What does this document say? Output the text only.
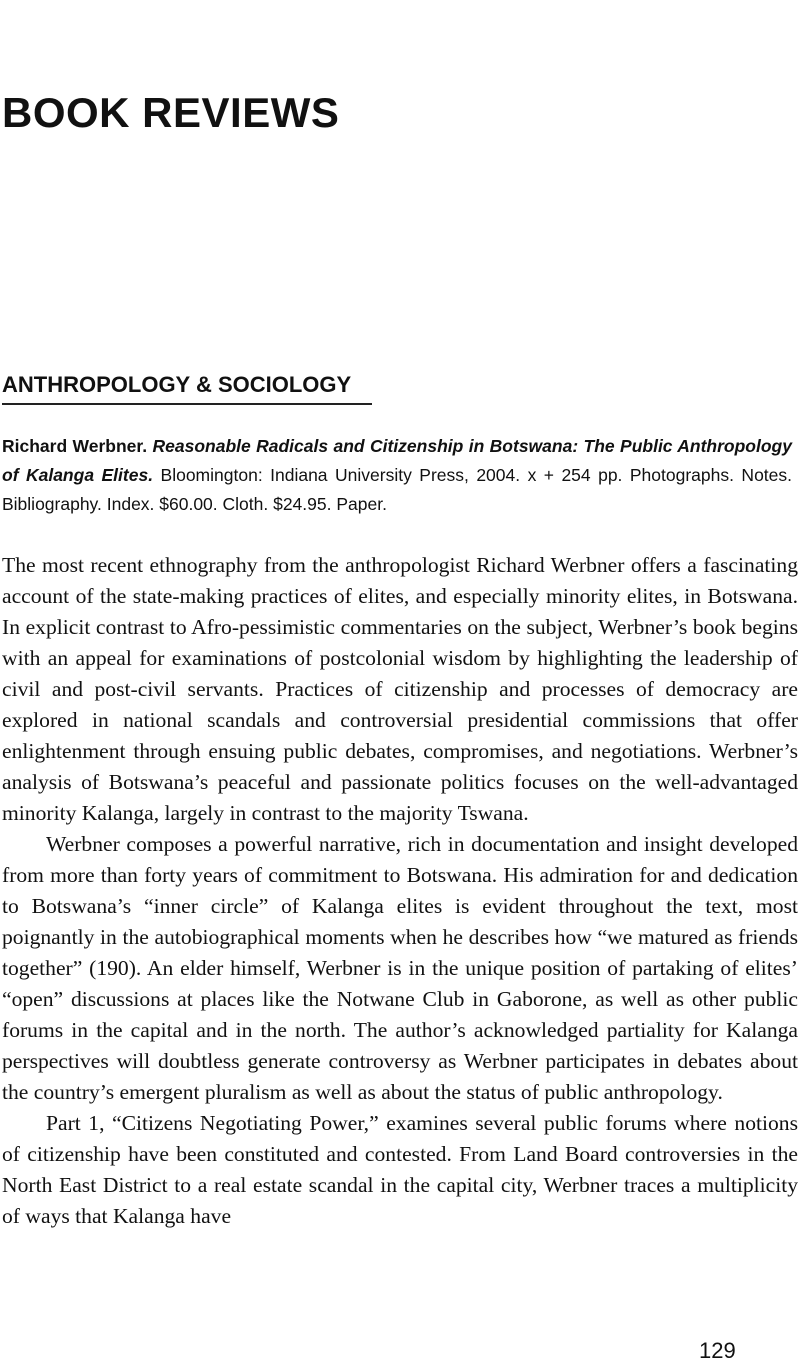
BOOK REVIEWS
ANTHROPOLOGY & SOCIOLOGY

Richard Werbner. Reasonable Radicals and Citizenship in Botswana: The Public Anthropology of Kalanga Elites. Bloomington: Indiana University Press, 2004. x + 254 pp. Photographs. Notes. Bibliography. Index. $60.00. Cloth. $24.95. Paper.

The most recent ethnography from the anthropologist Richard Werbner offers a fascinating account of the state-making practices of elites, and especially minority elites, in Botswana. In explicit contrast to Afro-pessimistic commentaries on the subject, Werbner’s book begins with an appeal for examinations of postcolonial wisdom by highlighting the leadership of civil and post-civil servants. Practices of citizenship and processes of democracy are explored in national scandals and controversial presidential commissions that offer enlightenment through ensuing public debates, compromises, and negotiations. Werbner’s analysis of Botswana’s peaceful and passionate politics focuses on the well-advantaged minority Kalanga, largely in contrast to the majority Tswana.

Werbner composes a powerful narrative, rich in documentation and insight developed from more than forty years of commitment to Botswana. His admiration for and dedication to Botswana’s “inner circle” of Kalanga elites is evident throughout the text, most poignantly in the autobiographical moments when he describes how “we matured as friends together” (190). An elder himself, Werbner is in the unique position of partaking of elites’ “open” discussions at places like the Notwane Club in Gaborone, as well as other public forums in the capital and in the north. The author’s acknowledged partiality for Kalanga perspectives will doubtless generate controversy as Werbner participates in debates about the country’s emergent pluralism as well as about the status of public anthropology.

Part 1, “Citizens Negotiating Power,” examines several public forums where notions of citizenship have been constituted and contested. From Land Board controversies in the North East District to a real estate scandal in the capital city, Werbner traces a multiplicity of ways that Kalanga have

129
